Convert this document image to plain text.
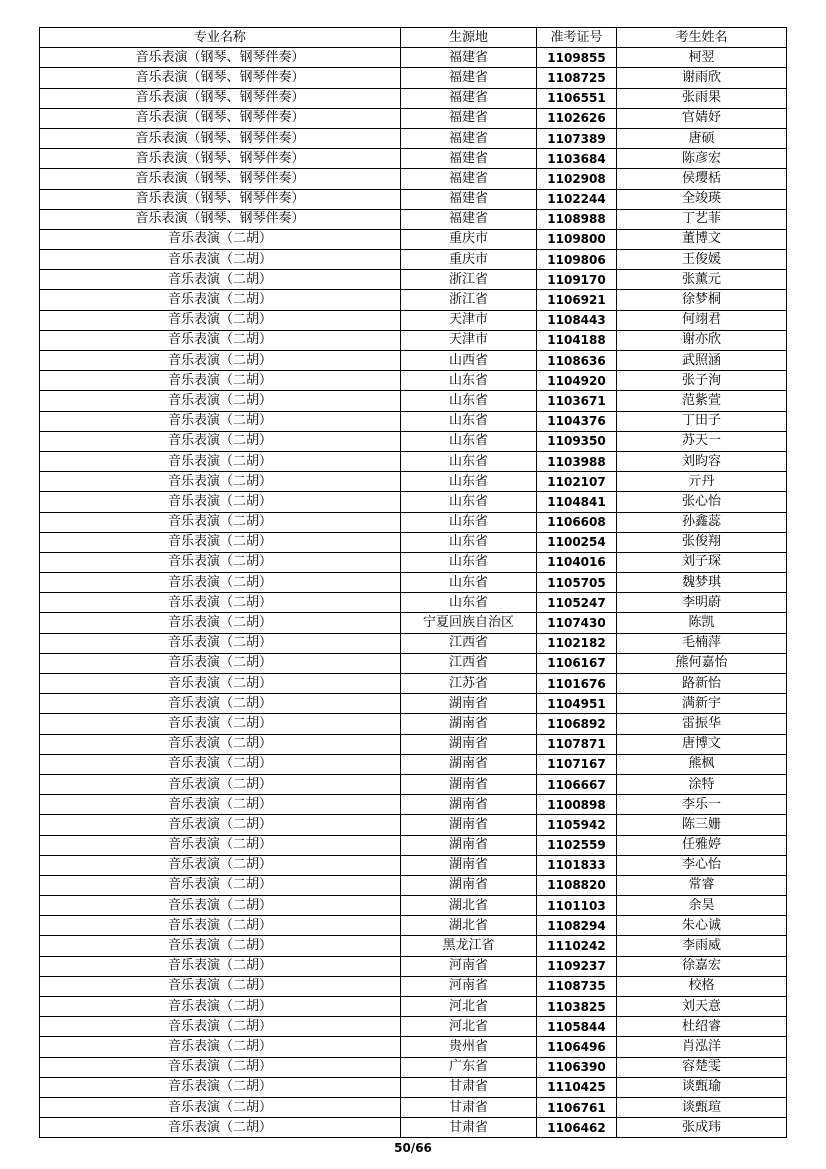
专业名称	生源地	准考证号	考生姓名
音乐表演（钢琴、钢琴伴奏）	福建省	1109855	柯翌
音乐表演（钢琴、钢琴伴奏）	福建省	1108725	谢雨欣
音乐表演（钢琴、钢琴伴奏）	福建省	1106551	张雨果
音乐表演（钢琴、钢琴伴奏）	福建省	1102626	官婧妤
音乐表演（钢琴、钢琴伴奏）	福建省	1107389	唐硕
音乐表演（钢琴、钢琴伴奏）	福建省	1103684	陈彦宏
音乐表演（钢琴、钢琴伴奏）	福建省	1102908	侯璎栝
音乐表演（钢琴、钢琴伴奏）	福建省	1102244	全竣瑛
音乐表演（钢琴、钢琴伴奏）	福建省	1108988	丁艺菲
音乐表演（二胡）	重庆市	1109800	董博文
音乐表演（二胡）	重庆市	1109806	王俊媛
音乐表演（二胡）	浙江省	1109170	张薰元
音乐表演（二胡）	浙江省	1106921	徐梦桐
音乐表演（二胡）	天津市	1108443	何翊君
音乐表演（二胡）	天津市	1104188	谢亦欣
音乐表演（二胡）	山西省	1108636	武照涵
音乐表演（二胡）	山东省	1104920	张子洵
音乐表演（二胡）	山东省	1103671	范紫萱
音乐表演（二胡）	山东省	1104376	丁田子
音乐表演（二胡）	山东省	1109350	苏天一
音乐表演（二胡）	山东省	1103988	刘昀容
音乐表演（二胡）	山东省	1102107	亓丹
音乐表演（二胡）	山东省	1104841	张心怡
音乐表演（二胡）	山东省	1106608	孙鑫蕊
音乐表演（二胡）	山东省	1100254	张俊翔
音乐表演（二胡）	山东省	1104016	刘子琛
音乐表演（二胡）	山东省	1105705	魏梦琪
音乐表演（二胡）	山东省	1105247	李明蔚
音乐表演（二胡）	宁夏回族自治区	1107430	陈凯
音乐表演（二胡）	江西省	1102182	毛楠萍
音乐表演（二胡）	江西省	1106167	熊何嘉怡
音乐表演（二胡）	江苏省	1101676	路新怡
音乐表演（二胡）	湖南省	1104951	满新宇
音乐表演（二胡）	湖南省	1106892	雷振华
音乐表演（二胡）	湖南省	1107871	唐博文
音乐表演（二胡）	湖南省	1107167	熊枫
音乐表演（二胡）	湖南省	1106667	涂特
音乐表演（二胡）	湖南省	1100898	李乐一
音乐表演（二胡）	湖南省	1105942	陈三姗
音乐表演（二胡）	湖南省	1102559	任雅婷
音乐表演（二胡）	湖南省	1101833	李心怡
音乐表演（二胡）	湖南省	1108820	常睿
音乐表演（二胡）	湖北省	1101103	余昊
音乐表演（二胡）	湖北省	1108294	朱心诚
音乐表演（二胡）	黑龙江省	1110242	李雨威
音乐表演（二胡）	河南省	1109237	徐嘉宏
音乐表演（二胡）	河南省	1108735	校格
音乐表演（二胡）	河北省	1103825	刘天意
音乐表演（二胡）	河北省	1105844	杜绍睿
音乐表演（二胡）	贵州省	1106496	肖泓洋
音乐表演（二胡）	广东省	1106390	容楚雯
音乐表演（二胡）	甘肃省	1110425	谈甄瑜
音乐表演（二胡）	甘肃省	1106761	谈甄瑄
音乐表演（二胡）	甘肃省	1106462	张成玮
50/66
